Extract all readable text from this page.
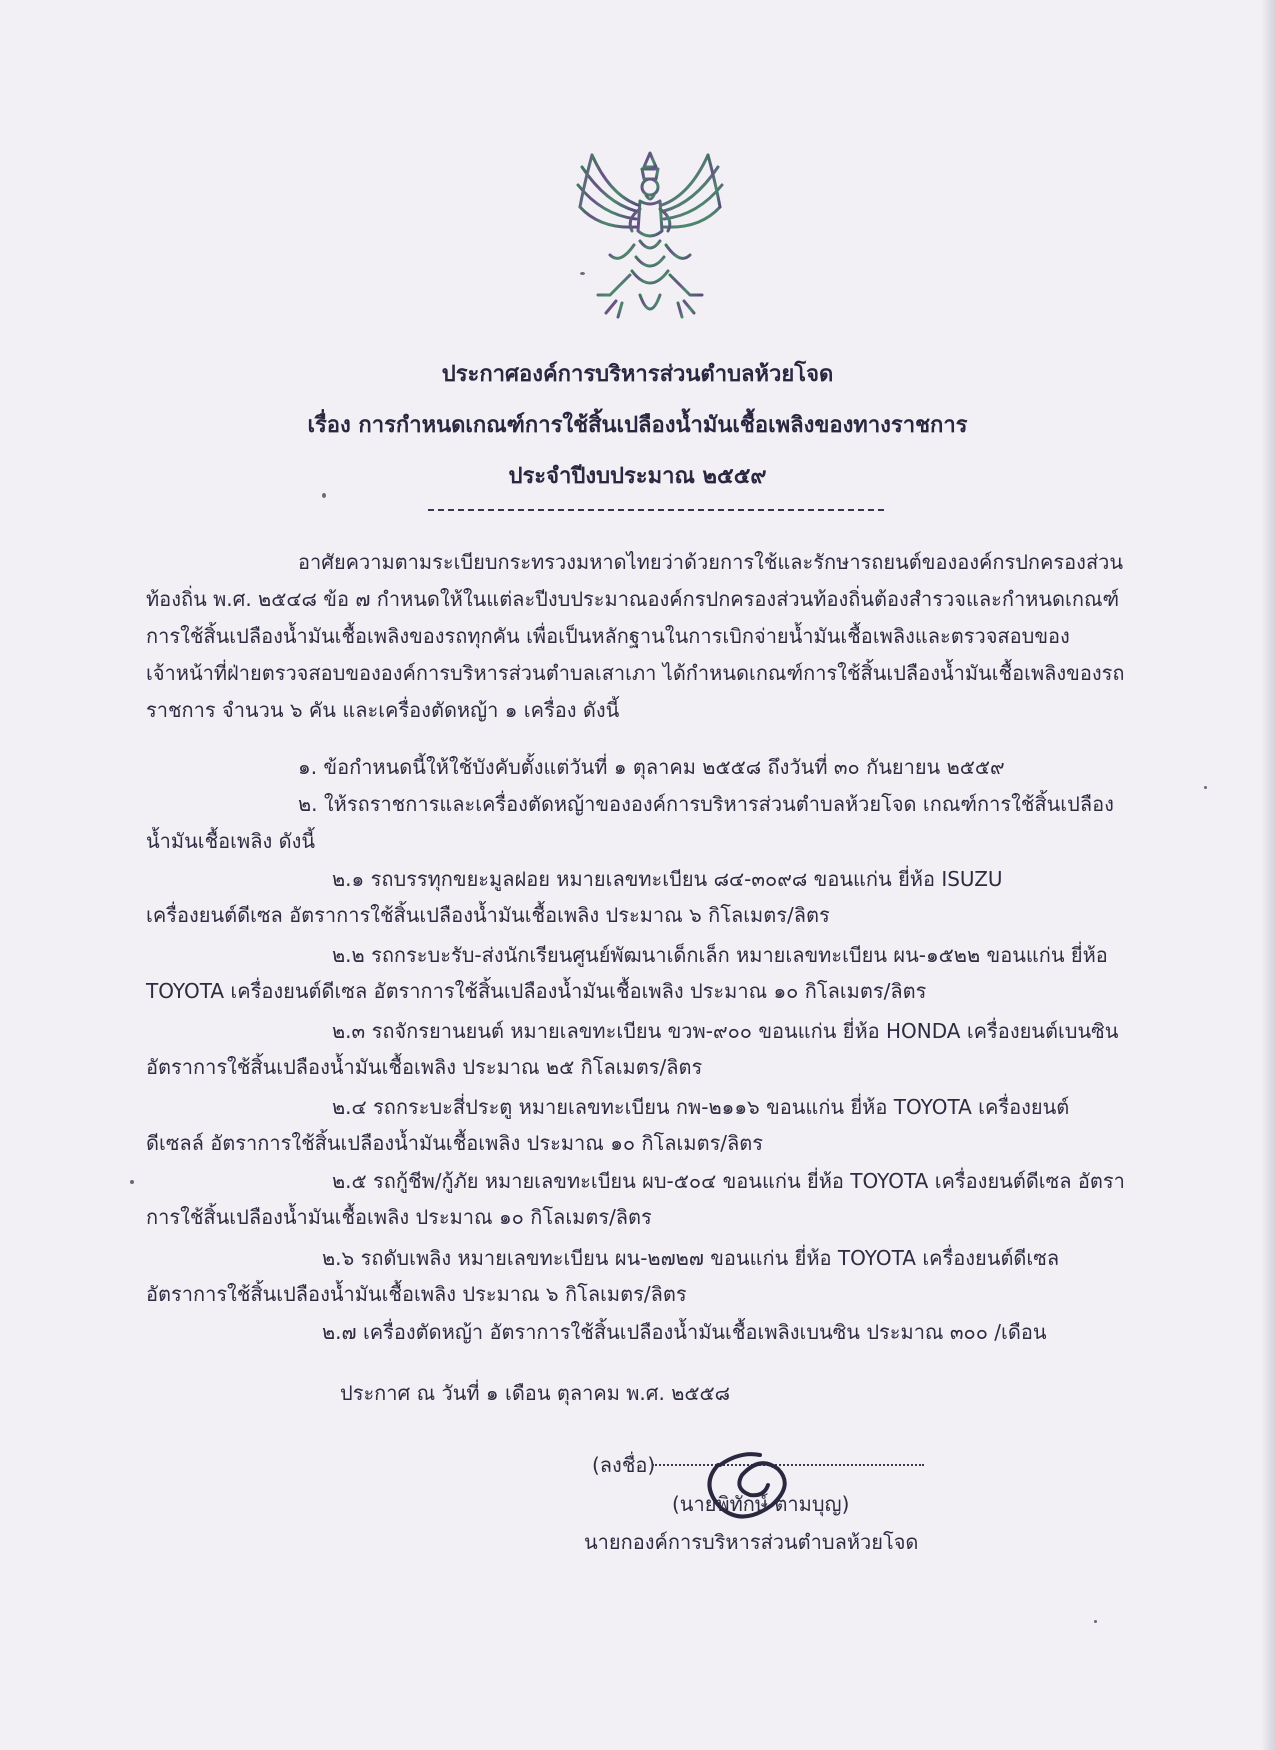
ประกาศองค์การบริหารส่วนตำบลห้วยโจด
เรื่อง การกำหนดเกณฑ์การใช้สิ้นเปลืองน้ำมันเชื้อเพลิงของทางราชการ
ประจำปีงบประมาณ ๒๕๕๙
อาศัยความตามระเบียบกระทรวงมหาดไทยว่าด้วยการใช้และรักษารถยนต์ขององค์กรปกครองส่วน
ท้องถิ่น พ.ศ. ๒๕๔๘ ข้อ ๗ กำหนดให้ในแต่ละปีงบประมาณองค์กรปกครองส่วนท้องถิ่นต้องสำรวจและกำหนดเกณฑ์
การใช้สิ้นเปลืองน้ำมันเชื้อเพลิงของรถทุกคัน เพื่อเป็นหลักฐานในการเบิกจ่ายน้ำมันเชื้อเพลิงและตรวจสอบของ
เจ้าหน้าที่ฝ่ายตรวจสอบขององค์การบริหารส่วนตำบลเสาเภา ได้กำหนดเกณฑ์การใช้สิ้นเปลืองน้ำมันเชื้อเพลิงของรถ
ราชการ จำนวน ๖ คัน และเครื่องตัดหญ้า ๑ เครื่อง ดังนี้
๑. ข้อกำหนดนี้ให้ใช้บังคับตั้งแต่วันที่ ๑ ตุลาคม ๒๕๕๘ ถึงวันที่ ๓๐ กันยายน ๒๕๕๙
๒. ให้รถราชการและเครื่องตัดหญ้าขององค์การบริหารส่วนตำบลห้วยโจด เกณฑ์การใช้สิ้นเปลือง
น้ำมันเชื้อเพลิง ดังนี้
๒.๑ รถบรรทุกขยะมูลฝอย หมายเลขทะเบียน ๘๔-๓๐๙๘ ขอนแก่น ยี่ห้อ ISUZU
เครื่องยนต์ดีเซล อัตราการใช้สิ้นเปลืองน้ำมันเชื้อเพลิง ประมาณ ๖ กิโลเมตร/ลิตร
๒.๒ รถกระบะรับ-ส่งนักเรียนศูนย์พัฒนาเด็กเล็ก หมายเลขทะเบียน ผน-๑๕๒๒ ขอนแก่น ยี่ห้อ
TOYOTA เครื่องยนต์ดีเซล อัตราการใช้สิ้นเปลืองน้ำมันเชื้อเพลิง ประมาณ ๑๐ กิโลเมตร/ลิตร
๒.๓ รถจักรยานยนต์ หมายเลขทะเบียน ขวพ-๙๐๐ ขอนแก่น ยี่ห้อ HONDA เครื่องยนต์เบนซิน
อัตราการใช้สิ้นเปลืองน้ำมันเชื้อเพลิง ประมาณ ๒๕ กิโลเมตร/ลิตร
๒.๔ รถกระบะสี่ประตู หมายเลขทะเบียน กพ-๒๑๑๖ ขอนแก่น ยี่ห้อ TOYOTA เครื่องยนต์
ดีเซลล์ อัตราการใช้สิ้นเปลืองน้ำมันเชื้อเพลิง ประมาณ ๑๐ กิโลเมตร/ลิตร
๒.๕ รถกู้ชีพ/กู้ภัย หมายเลขทะเบียน ผบ-๕๐๔ ขอนแก่น ยี่ห้อ TOYOTA เครื่องยนต์ดีเซล อัตรา
การใช้สิ้นเปลืองน้ำมันเชื้อเพลิง ประมาณ ๑๐ กิโลเมตร/ลิตร
๒.๖ รถดับเพลิง หมายเลขทะเบียน ผน-๒๗๒๗ ขอนแก่น ยี่ห้อ TOYOTA เครื่องยนต์ดีเซล
อัตราการใช้สิ้นเปลืองน้ำมันเชื้อเพลิง ประมาณ ๖ กิโลเมตร/ลิตร
๒.๗ เครื่องตัดหญ้า อัตราการใช้สิ้นเปลืองน้ำมันเชื้อเพลิงเบนซิน ประมาณ ๓๐๐ /เดือน
ประกาศ ณ วันที่ ๑ เดือน ตุลาคม พ.ศ. ๒๕๕๘
(ลงชื่อ)
(นายพิทักษ์ ตามบุญ)
นายกองค์การบริหารส่วนตำบลห้วยโจด
